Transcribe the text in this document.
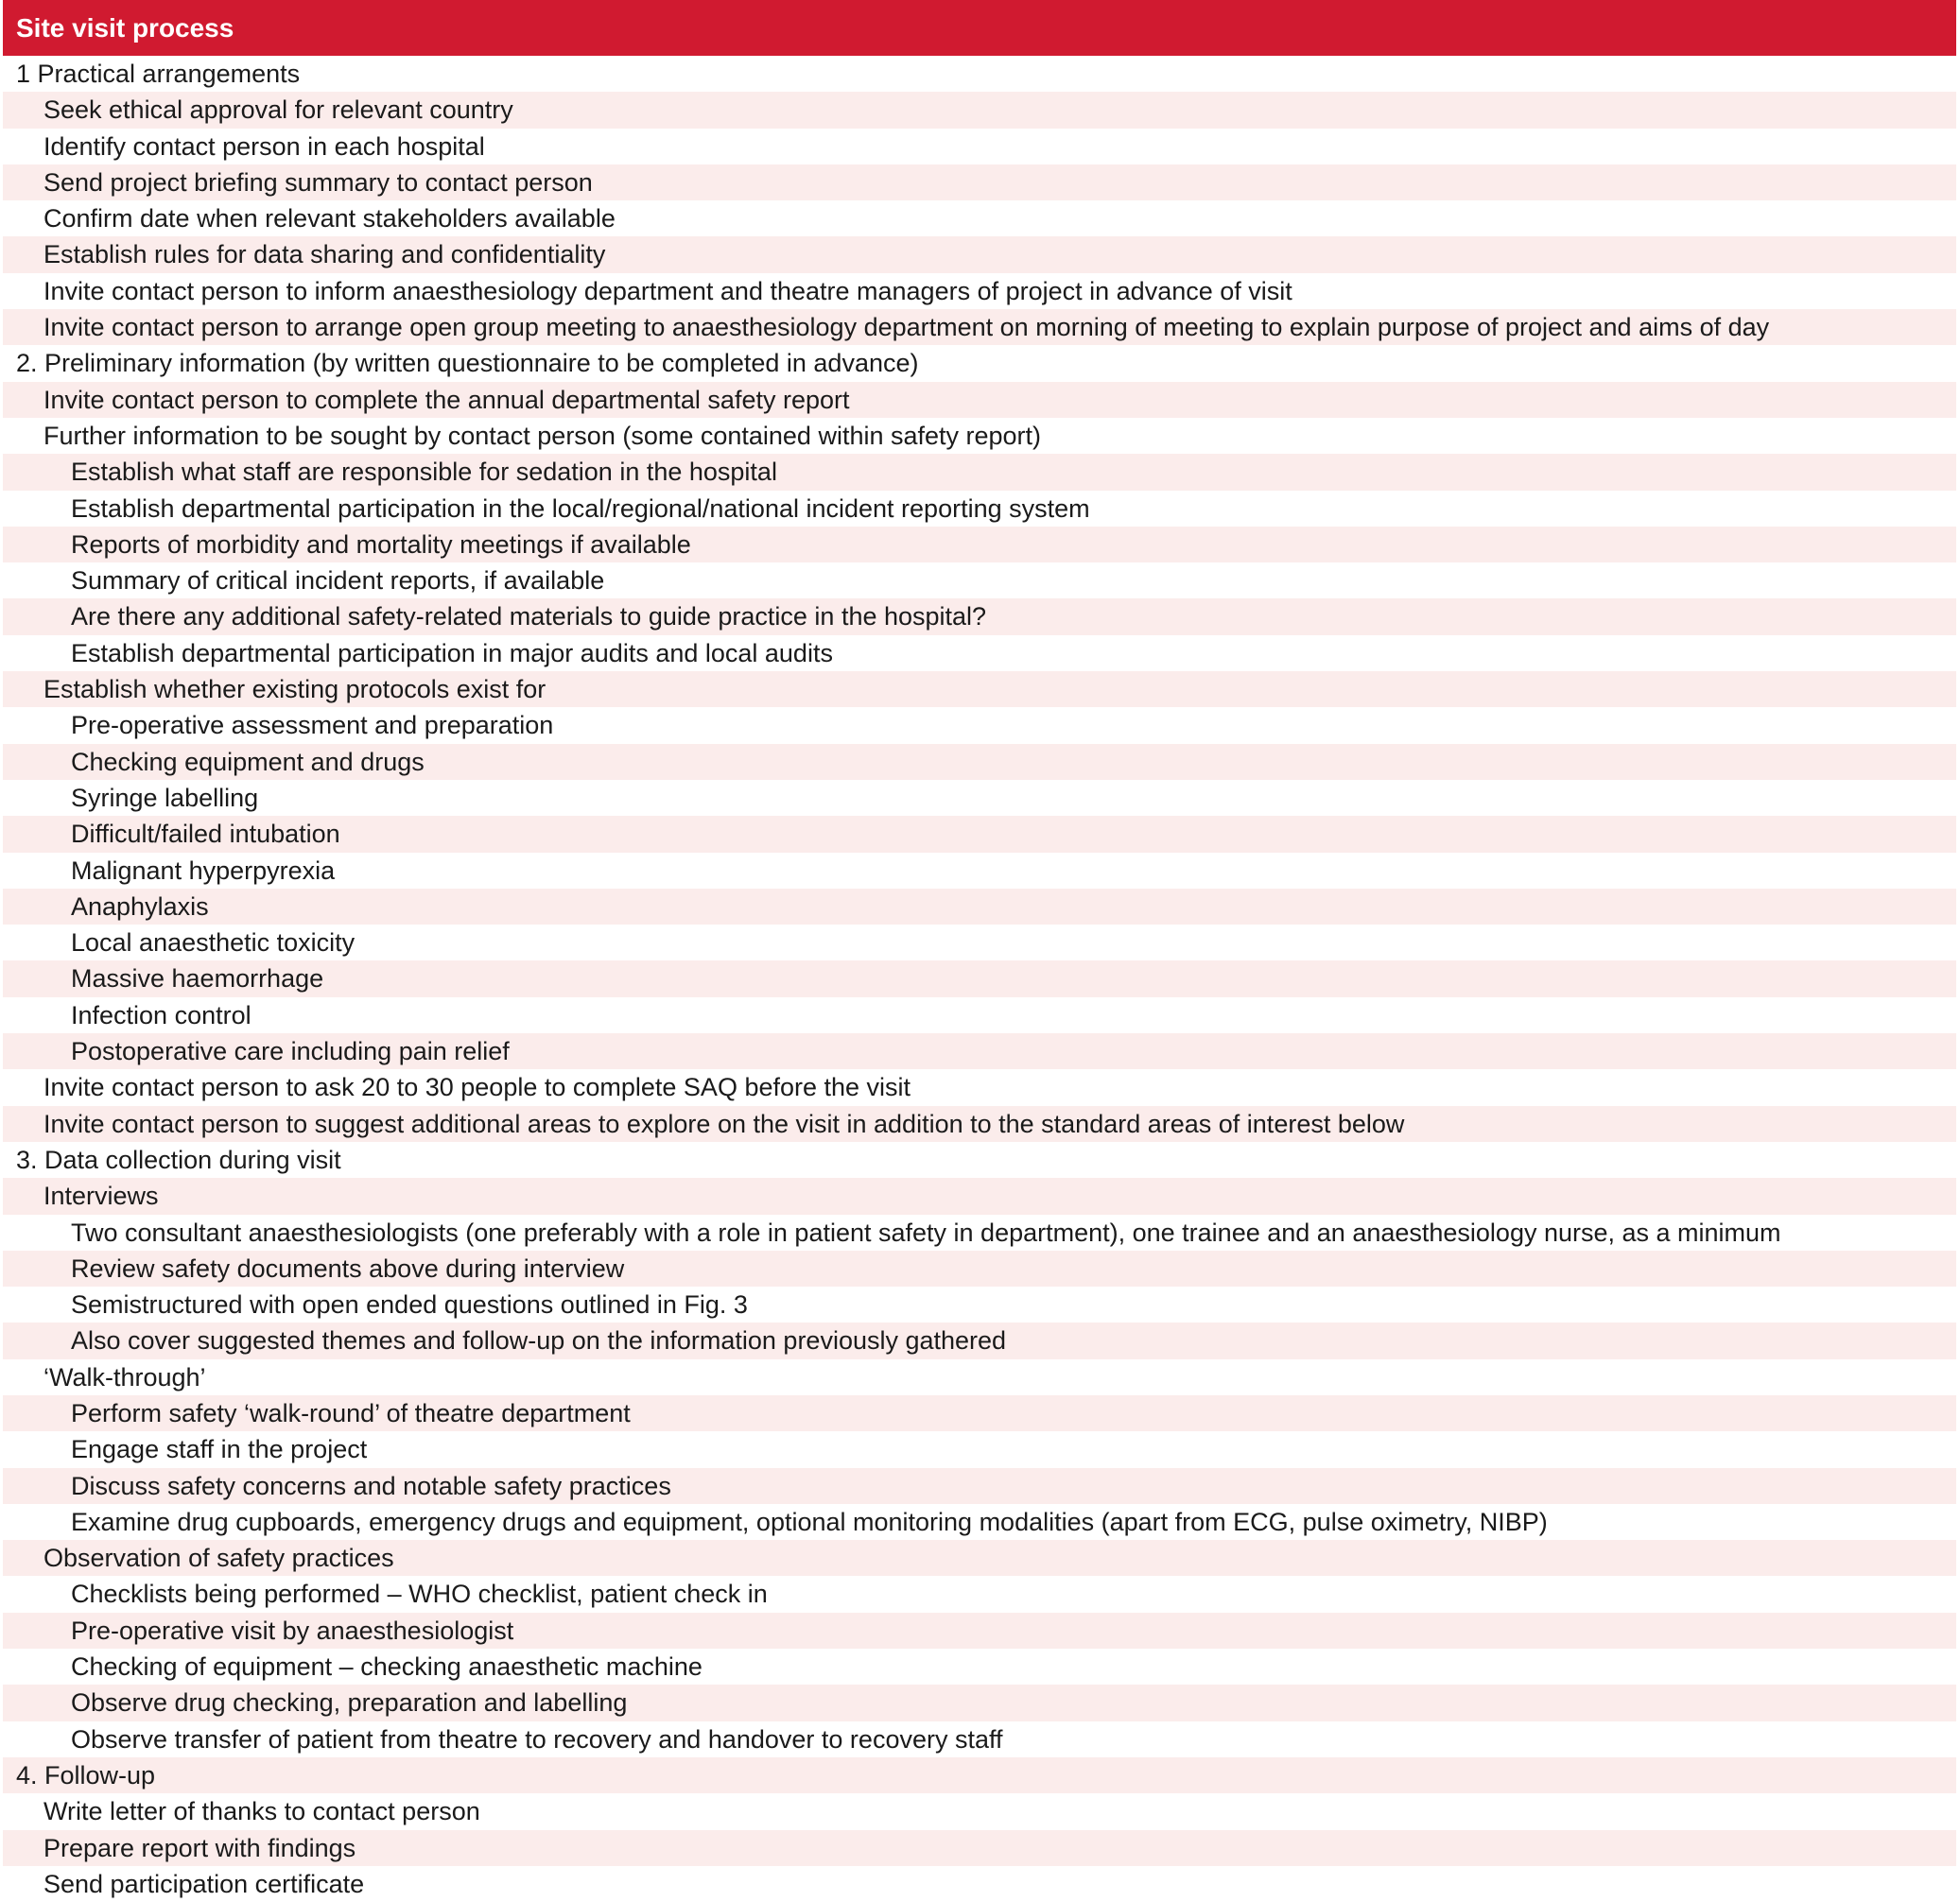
Site visit process
1 Practical arrangements
Seek ethical approval for relevant country
Identify contact person in each hospital
Send project briefing summary to contact person
Confirm date when relevant stakeholders available
Establish rules for data sharing and confidentiality
Invite contact person to inform anaesthesiology department and theatre managers of project in advance of visit
Invite contact person to arrange open group meeting to anaesthesiology department on morning of meeting to explain purpose of project and aims of day
2. Preliminary information (by written questionnaire to be completed in advance)
Invite contact person to complete the annual departmental safety report
Further information to be sought by contact person (some contained within safety report)
Establish what staff are responsible for sedation in the hospital
Establish departmental participation in the local/regional/national incident reporting system
Reports of morbidity and mortality meetings if available
Summary of critical incident reports, if available
Are there any additional safety-related materials to guide practice in the hospital?
Establish departmental participation in major audits and local audits
Establish whether existing protocols exist for
Pre-operative assessment and preparation
Checking equipment and drugs
Syringe labelling
Difficult/failed intubation
Malignant hyperpyrexia
Anaphylaxis
Local anaesthetic toxicity
Massive haemorrhage
Infection control
Postoperative care including pain relief
Invite contact person to ask 20 to 30 people to complete SAQ before the visit
Invite contact person to suggest additional areas to explore on the visit in addition to the standard areas of interest below
3. Data collection during visit
Interviews
Two consultant anaesthesiologists (one preferably with a role in patient safety in department), one trainee and an anaesthesiology nurse, as a minimum
Review safety documents above during interview
Semistructured with open ended questions outlined in Fig. 3
Also cover suggested themes and follow-up on the information previously gathered
‘Walk-through’
Perform safety ‘walk-round’ of theatre department
Engage staff in the project
Discuss safety concerns and notable safety practices
Examine drug cupboards, emergency drugs and equipment, optional monitoring modalities (apart from ECG, pulse oximetry, NIBP)
Observation of safety practices
Checklists being performed – WHO checklist, patient check in
Pre-operative visit by anaesthesiologist
Checking of equipment – checking anaesthetic machine
Observe drug checking, preparation and labelling
Observe transfer of patient from theatre to recovery and handover to recovery staff
4. Follow-up
Write letter of thanks to contact person
Prepare report with findings
Send participation certificate
